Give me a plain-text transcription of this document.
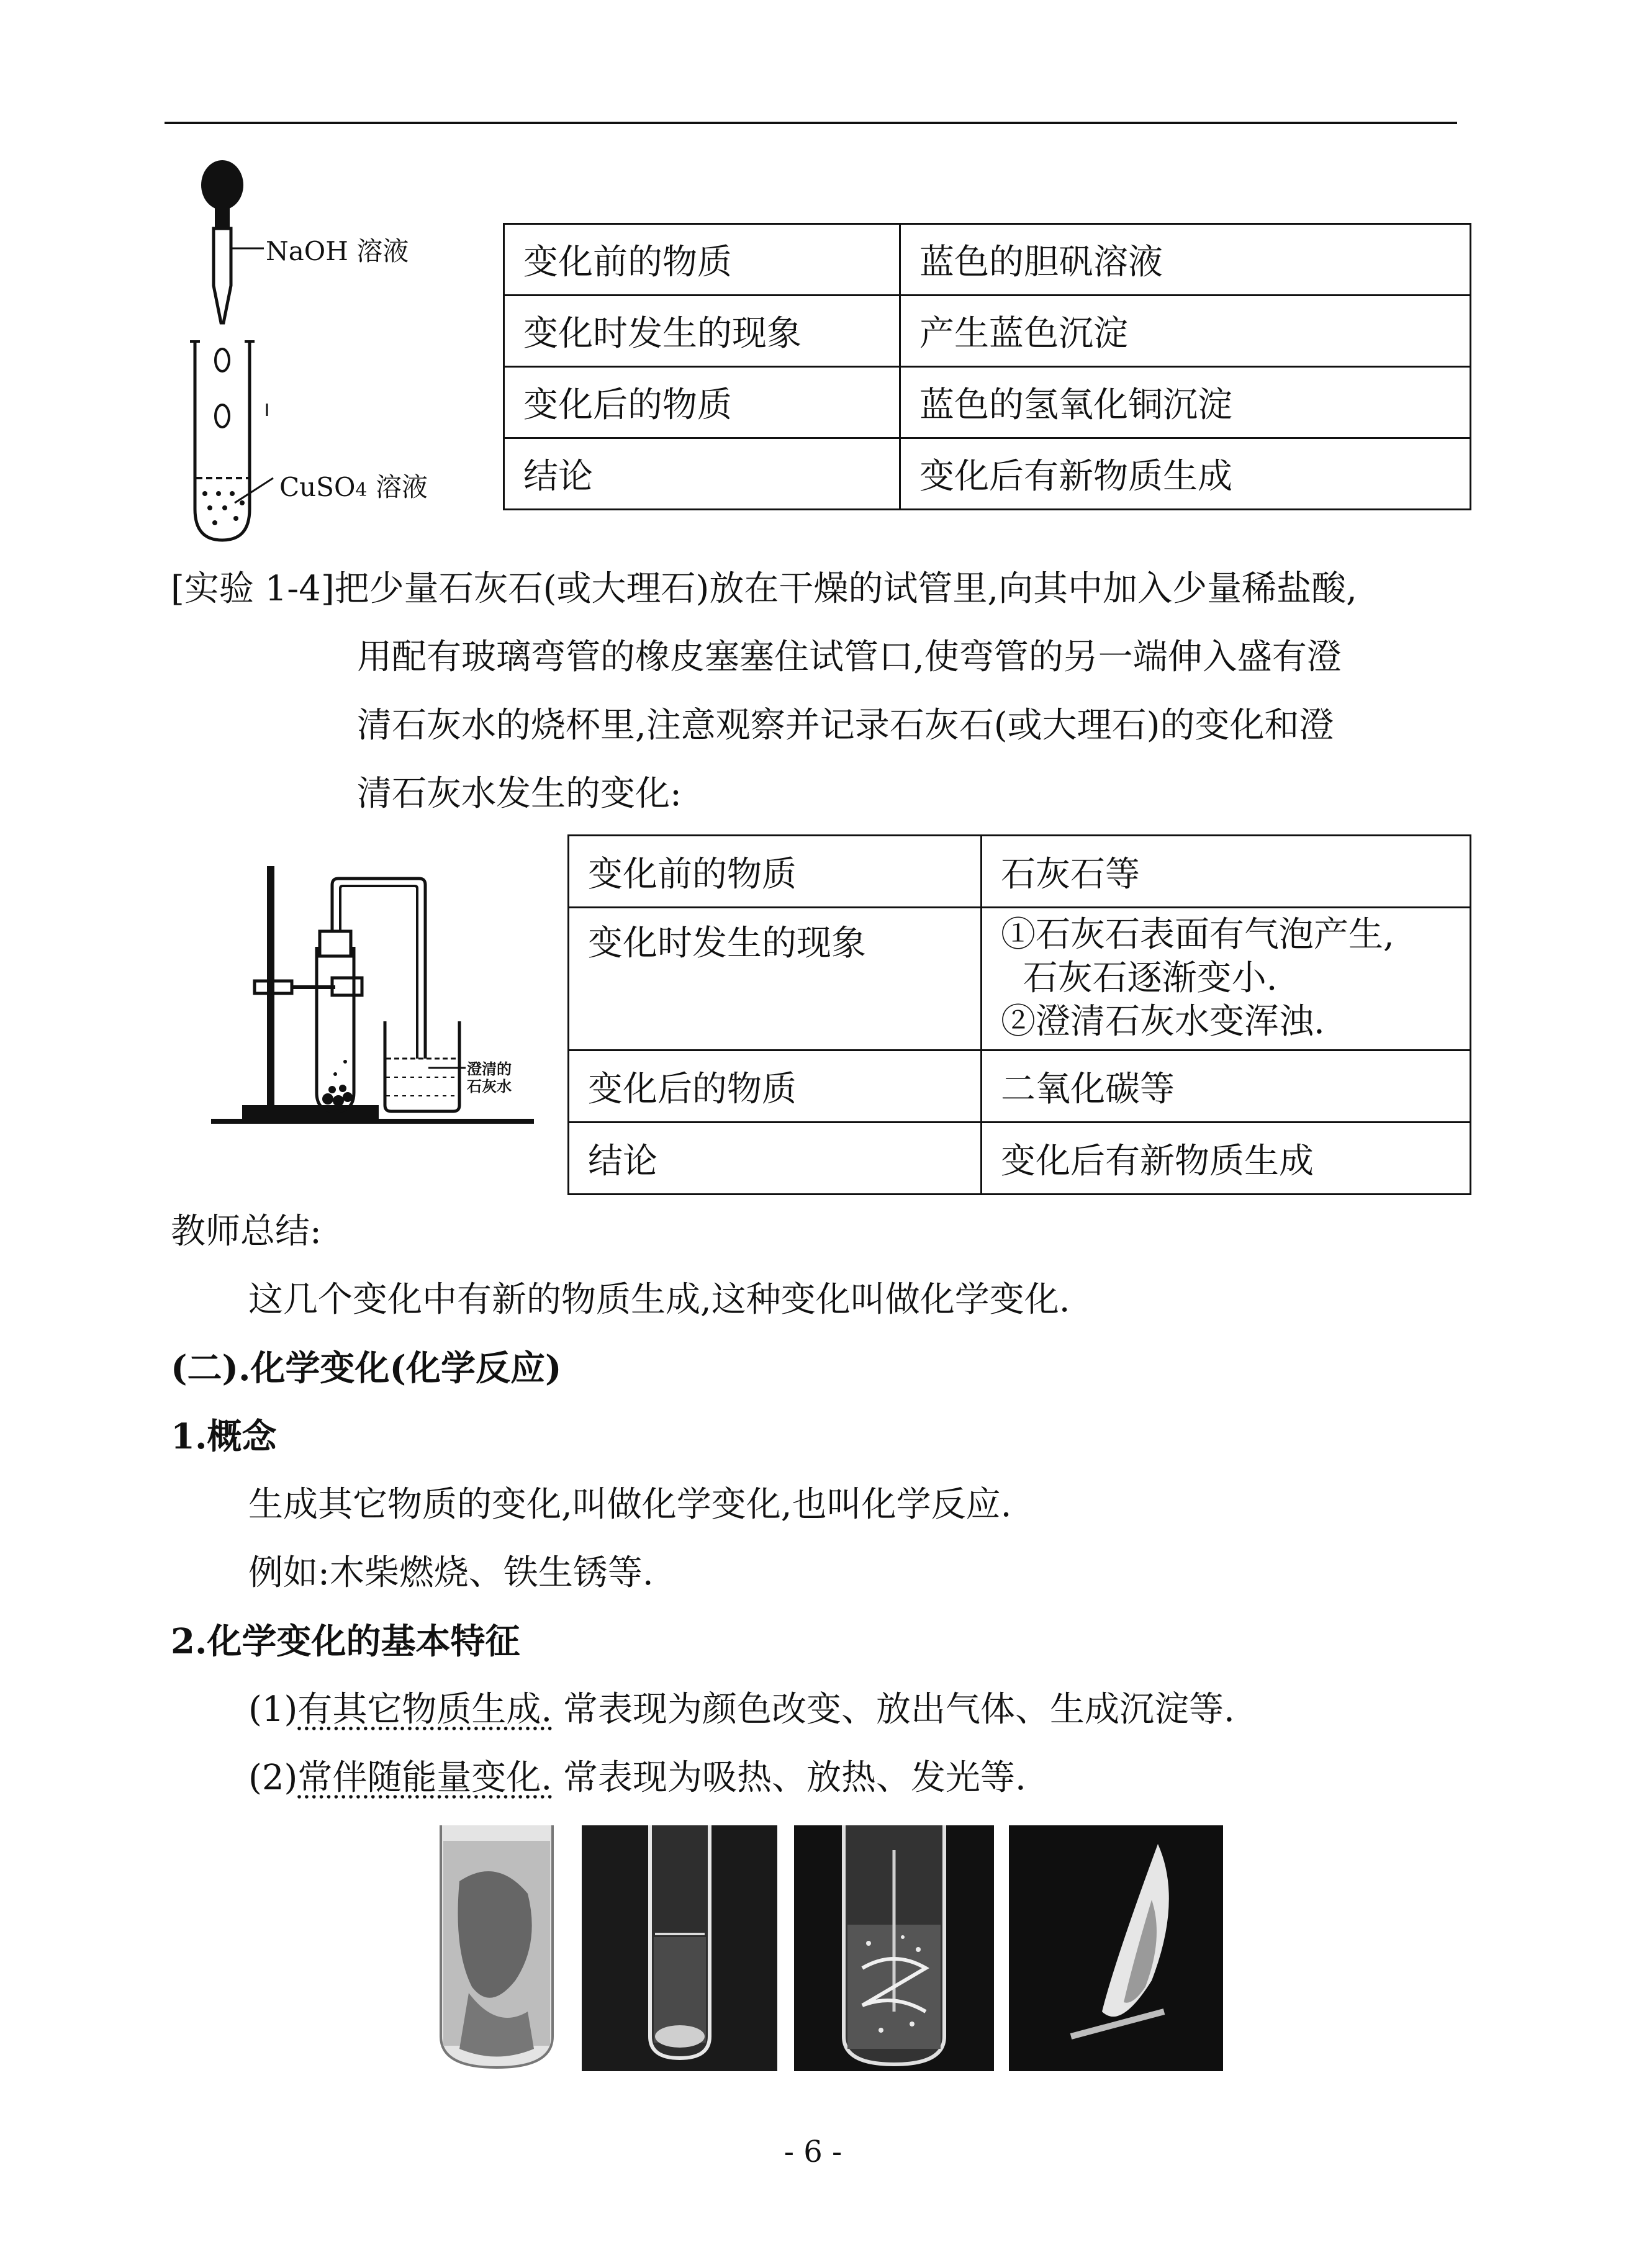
NaOH 溶液
CuSO4 溶液
变化前的物质	蓝色的胆矾溶液
变化时发生的现象	产生蓝色沉淀
变化后的物质	蓝色的氢氧化铜沉淀
结论	变化后有新物质生成
[实验 1-4]把少量石灰石(或大理石)放在干燥的试管里,向其中加入少量稀盐酸,
用配有玻璃弯管的橡皮塞塞住试管口,使弯管的另一端伸入盛有澄
清石灰水的烧杯里,注意观察并记录石灰石(或大理石)的变化和澄
清石灰水发生的变化:
澄清的
石灰水
变化前的物质	石灰石等
变化时发生的现象	①石灰石表面有气泡产生,
石灰石逐渐变小.
②澄清石灰水变浑浊.

变化后的物质	二氧化碳等
结论	变化后有新物质生成
教师总结:
这几个变化中有新的物质生成,这种变化叫做化学变化.
(二).化学变化(化学反应)
1.概念
生成其它物质的变化,叫做化学变化,也叫化学反应.
例如:木柴燃烧、铁生锈等.
2.化学变化的基本特征
(1)有其它物质生成. 常表现为颜色改变、放出气体、生成沉淀等.
(2)常伴随能量变化. 常表现为吸热、放热、发光等.
- 6 -
